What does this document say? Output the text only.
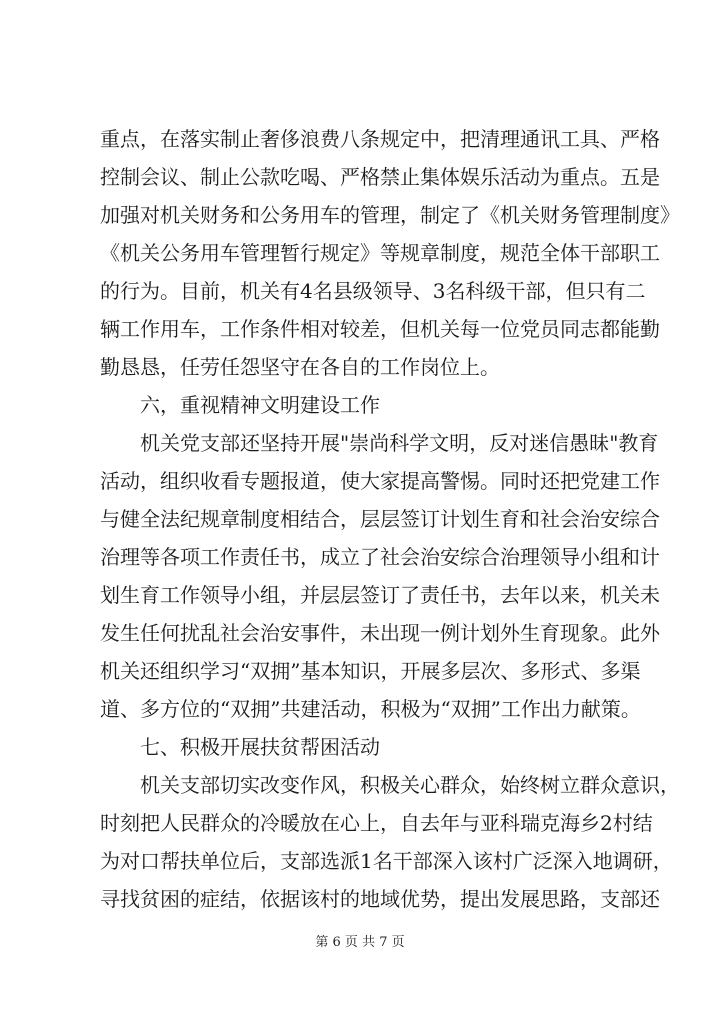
重点，在落实制止奢侈浪费八条规定中，把清理通讯工具、严格
控制会议、制止公款吃喝、严格禁止集体娱乐活动为重点。五是
加强对机关财务和公务用车的管理，制定了《机关财务管理制度》
《机关公务用车管理暂行规定》等规章制度，规范全体干部职工
的行为。目前，机关有4名县级领导、3名科级干部，但只有二
辆工作用车，工作条件相对较差，但机关每一位党员同志都能勤
勤恳恳，任劳任怨坚守在各自的工作岗位上。
六，重视精神文明建设工作
机关党支部还坚持开展"崇尚科学文明，反对迷信愚昧"教育
活动，组织收看专题报道，使大家提高警惕。同时还把党建工作
与健全法纪规章制度相结合，层层签订计划生育和社会治安综合
治理等各项工作责任书，成立了社会治安综合治理领导小组和计
划生育工作领导小组，并层层签订了责任书，去年以来，机关未
发生任何扰乱社会治安事件，未出现一例计划外生育现象。此外
机关还组织学习“双拥”基本知识，开展多层次、多形式、多渠
道、多方位的“双拥”共建活动，积极为“双拥”工作出力献策。
七、积极开展扶贫帮困活动
机关支部切实改变作风，积极关心群众，始终树立群众意识，
时刻把人民群众的冷暖放在心上，自去年与亚科瑞克海乡2村结
为对口帮扶单位后，支部选派1名干部深入该村广泛深入地调研，
寻找贫困的症结，依据该村的地域优势，提出发展思路，支部还
第 6 页 共 7 页
